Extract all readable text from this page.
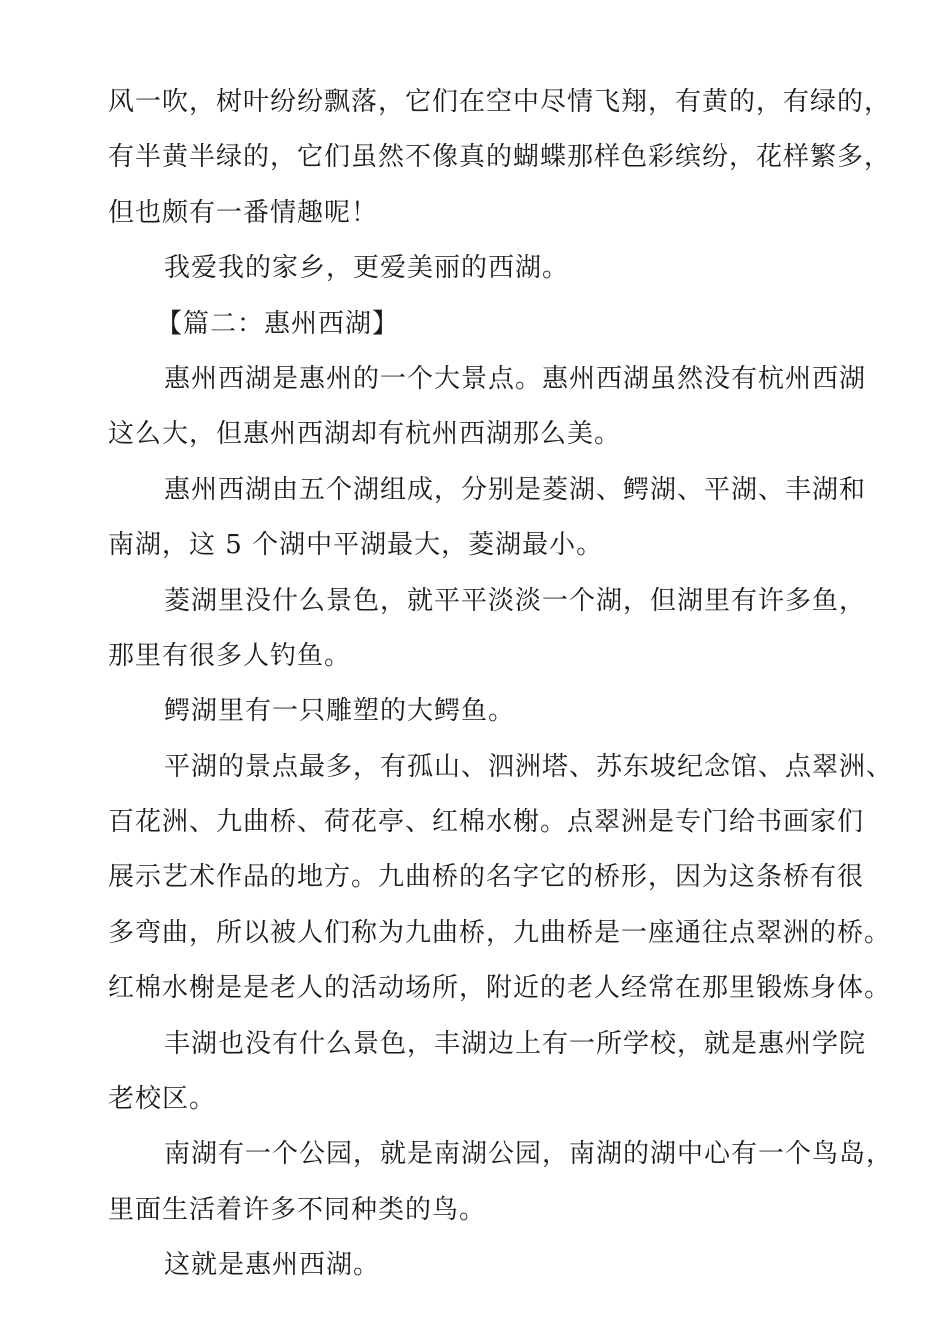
风一吹，树叶纷纷飘落，它们在空中尽情飞翔，有黄的，有绿的，
有半黄半绿的，它们虽然不像真的蝴蝶那样色彩缤纷，花样繁多，
但也颇有一番情趣呢！
我爱我的家乡，更爱美丽的西湖。
【篇二：惠州西湖】
惠州西湖是惠州的一个大景点。惠州西湖虽然没有杭州西湖
这么大，但惠州西湖却有杭州西湖那么美。
惠州西湖由五个湖组成，分别是菱湖、鳄湖、平湖、丰湖和
南湖，这 5 个湖中平湖最大，菱湖最小。
菱湖里没什么景色，就平平淡淡一个湖，但湖里有许多鱼，
那里有很多人钓鱼。
鳄湖里有一只雕塑的大鳄鱼。
平湖的景点最多，有孤山、泗洲塔、苏东坡纪念馆、点翠洲、
百花洲、九曲桥、荷花亭、红棉水榭。点翠洲是专门给书画家们
展示艺术作品的地方。九曲桥的名字它的桥形，因为这条桥有很
多弯曲，所以被人们称为九曲桥，九曲桥是一座通往点翠洲的桥。
红棉水榭是是老人的活动场所，附近的老人经常在那里锻炼身体。
丰湖也没有什么景色，丰湖边上有一所学校，就是惠州学院
老校区。
南湖有一个公园，就是南湖公园，南湖的湖中心有一个鸟岛，
里面生活着许多不同种类的鸟。
这就是惠州西湖。
